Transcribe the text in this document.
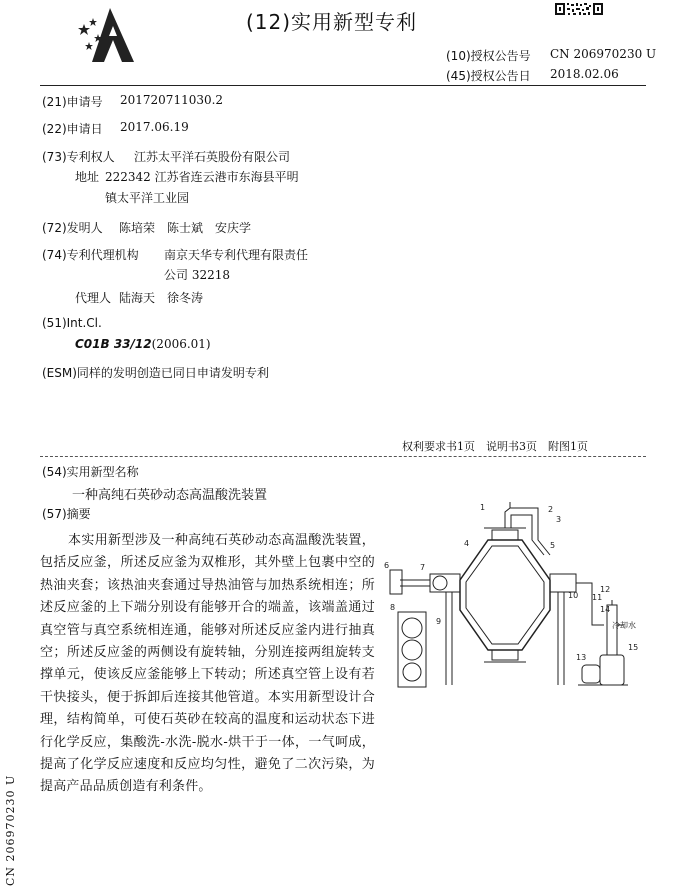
(12)实用新型专利
(10)授权公告号 CN 206970230 U
(45)授权公告日 2018.02.06
(21)申请号 201720711030.2
(22)申请日 2017.06.19
(73)专利权人 江苏太平洋石英股份有限公司
地址 222342 江苏省连云港市东海县平明
镇太平洋工业园
(72)发明人 陈培荣　陈士斌　安庆学
(74)专利代理机构 南京天华专利代理有限责任
公司 32218
代理人 陆海天　徐冬涛
(51)Int.Cl.
C01B 33/12(2006.01)
(ESM)同样的发明创造已同日申请发明专利
权利要求书1页　说明书3页　附图1页
(54)实用新型名称
一种高纯石英砂动态高温酸洗装置
(57)摘要

本实用新型涉及一种高纯石英砂动态高温酸洗装置，包括反应釜，所述反应釜为双椎形，其外壁上包裹中空的热油夹套；该热油夹套通过导热油管与加热系统相连；所述反应釜的上下端分别设有能够开合的端盖，该端盖通过真空管与真空系统相连通，能够对所述反应釜内进行抽真空；所述反应釜的两侧设有旋转轴，分别连接两组旋转支撑单元，使该反应釜能够上下转动；所述真空管上设有若干快接头，便于拆卸后连接其他管道。本实用新型设计合理，结构简单，可使石英砂在较高的温度和运动状态下进行化学反应，集酸洗-水洗-脱水-烘干于一体，一气呵成，提高了化学反应速度和反应均匀性，避免了二次污染，为提高产品品质创造有利条件。

1	2
3
4	5
6	7
8
9
10 11
12
13
14
15
冷却水
CN 206970230 U
